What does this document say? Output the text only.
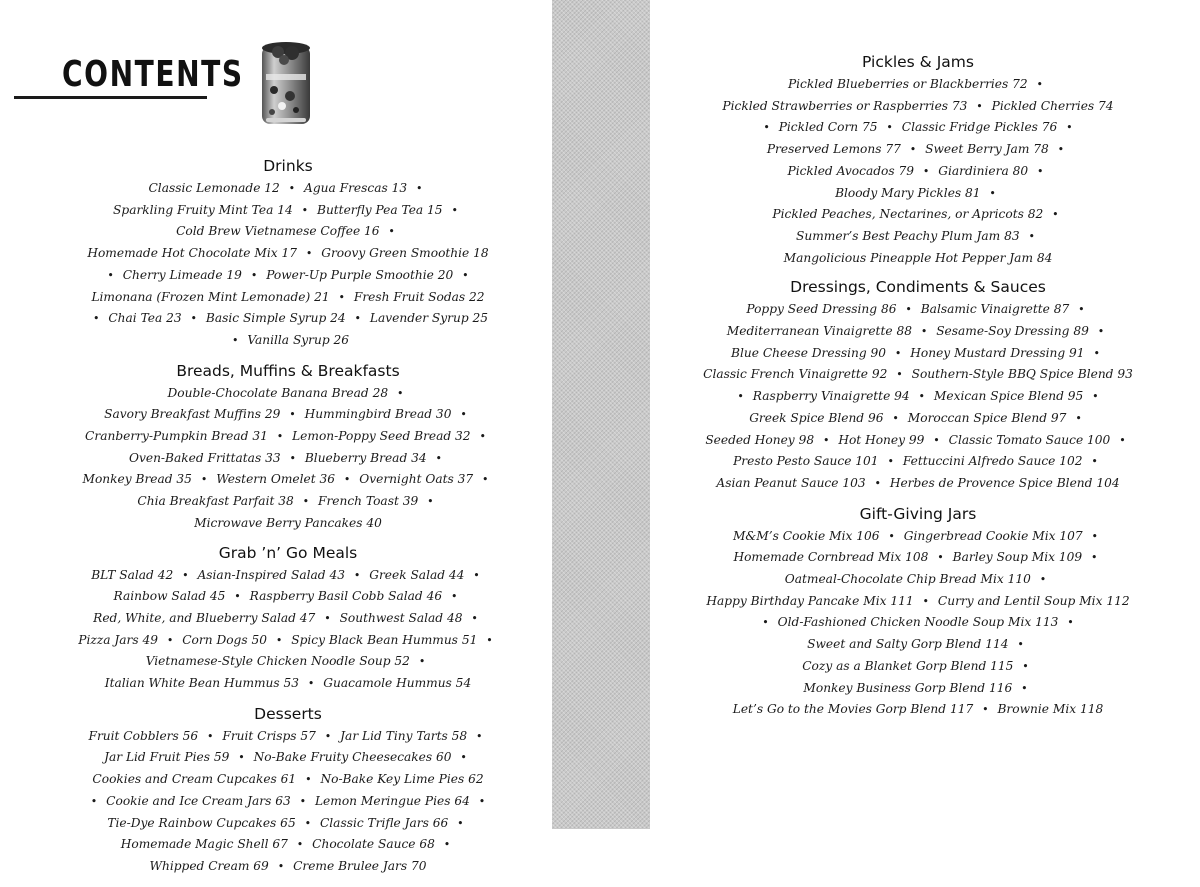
CONTENTS
Drinks
Classic Lemonade 12 • Agua Frescas 13 • Sparkling Fruity Mint Tea 14 • Butterfly Pea Tea 15 • Cold Brew Vietnamese Coffee 16 • Homemade Hot Chocolate Mix 17 • Groovy Green Smoothie 18 • Cherry Limeade 19 • Power-Up Purple Smoothie 20 • Limonana (Frozen Mint Lemonade) 21 • Fresh Fruit Sodas 22 • Chai Tea 23 • Basic Simple Syrup 24 • Lavender Syrup 25 • Vanilla Syrup 26
Breads, Muffins & Breakfasts
Double-Chocolate Banana Bread 28 • Savory Breakfast Muffins 29 • Hummingbird Bread 30 • Cranberry-Pumpkin Bread 31 • Lemon-Poppy Seed Bread 32 • Oven-Baked Frittatas 33 • Blueberry Bread 34 • Monkey Bread 35 • Western Omelet 36 • Overnight Oats 37 • Chia Breakfast Parfait 38 • French Toast 39 • Microwave Berry Pancakes 40
Grab ’n’ Go Meals
BLT Salad 42 • Asian-Inspired Salad 43 • Greek Salad 44 • Rainbow Salad 45 • Raspberry Basil Cobb Salad 46 • Red, White, and Blueberry Salad 47 • Southwest Salad 48 • Pizza Jars 49 • Corn Dogs 50 • Spicy Black Bean Hummus 51 • Vietnamese-Style Chicken Noodle Soup 52 • Italian White Bean Hummus 53 • Guacamole Hummus 54
Desserts
Fruit Cobblers 56 • Fruit Crisps 57 • Jar Lid Tiny Tarts 58 • Jar Lid Fruit Pies 59 • No-Bake Fruity Cheesecakes 60 • Cookies and Cream Cupcakes 61 • No-Bake Key Lime Pies 62 • Cookie and Ice Cream Jars 63 • Lemon Meringue Pies 64 • Tie-Dye Rainbow Cupcakes 65 • Classic Trifle Jars 66 • Homemade Magic Shell 67 • Chocolate Sauce 68 • Whipped Cream 69 • Creme Brulee Jars 70
Pickles & Jams
Pickled Blueberries or Blackberries 72 • Pickled Strawberries or Raspberries 73 • Pickled Cherries 74 • Pickled Corn 75 • Classic Fridge Pickles 76 • Preserved Lemons 77 • Sweet Berry Jam 78 • Pickled Avocados 79 • Giardiniera 80 • Bloody Mary Pickles 81 • Pickled Peaches, Nectarines, or Apricots 82 • Summer’s Best Peachy Plum Jam 83 • Mangolicious Pineapple Hot Pepper Jam 84
Dressings, Condiments & Sauces
Poppy Seed Dressing 86 • Balsamic Vinaigrette 87 • Mediterranean Vinaigrette 88 • Sesame-Soy Dressing 89 • Blue Cheese Dressing 90 • Honey Mustard Dressing 91 • Classic French Vinaigrette 92 • Southern-Style BBQ Spice Blend 93 • Raspberry Vinaigrette 94 • Mexican Spice Blend 95 • Greek Spice Blend 96 • Moroccan Spice Blend 97 • Seeded Honey 98 • Hot Honey 99 • Classic Tomato Sauce 100 • Presto Pesto Sauce 101 • Fettuccini Alfredo Sauce 102 • Asian Peanut Sauce 103 • Herbes de Provence Spice Blend 104
Gift-Giving Jars
M&M’s Cookie Mix 106 • Gingerbread Cookie Mix 107 • Homemade Cornbread Mix 108 • Barley Soup Mix 109 • Oatmeal-Chocolate Chip Bread Mix 110 • Happy Birthday Pancake Mix 111 • Curry and Lentil Soup Mix 112 • Old-Fashioned Chicken Noodle Soup Mix 113 • Sweet and Salty Gorp Blend 114 • Cozy as a Blanket Gorp Blend 115 • Monkey Business Gorp Blend 116 • Let’s Go to the Movies Gorp Blend 117 • Brownie Mix 118
